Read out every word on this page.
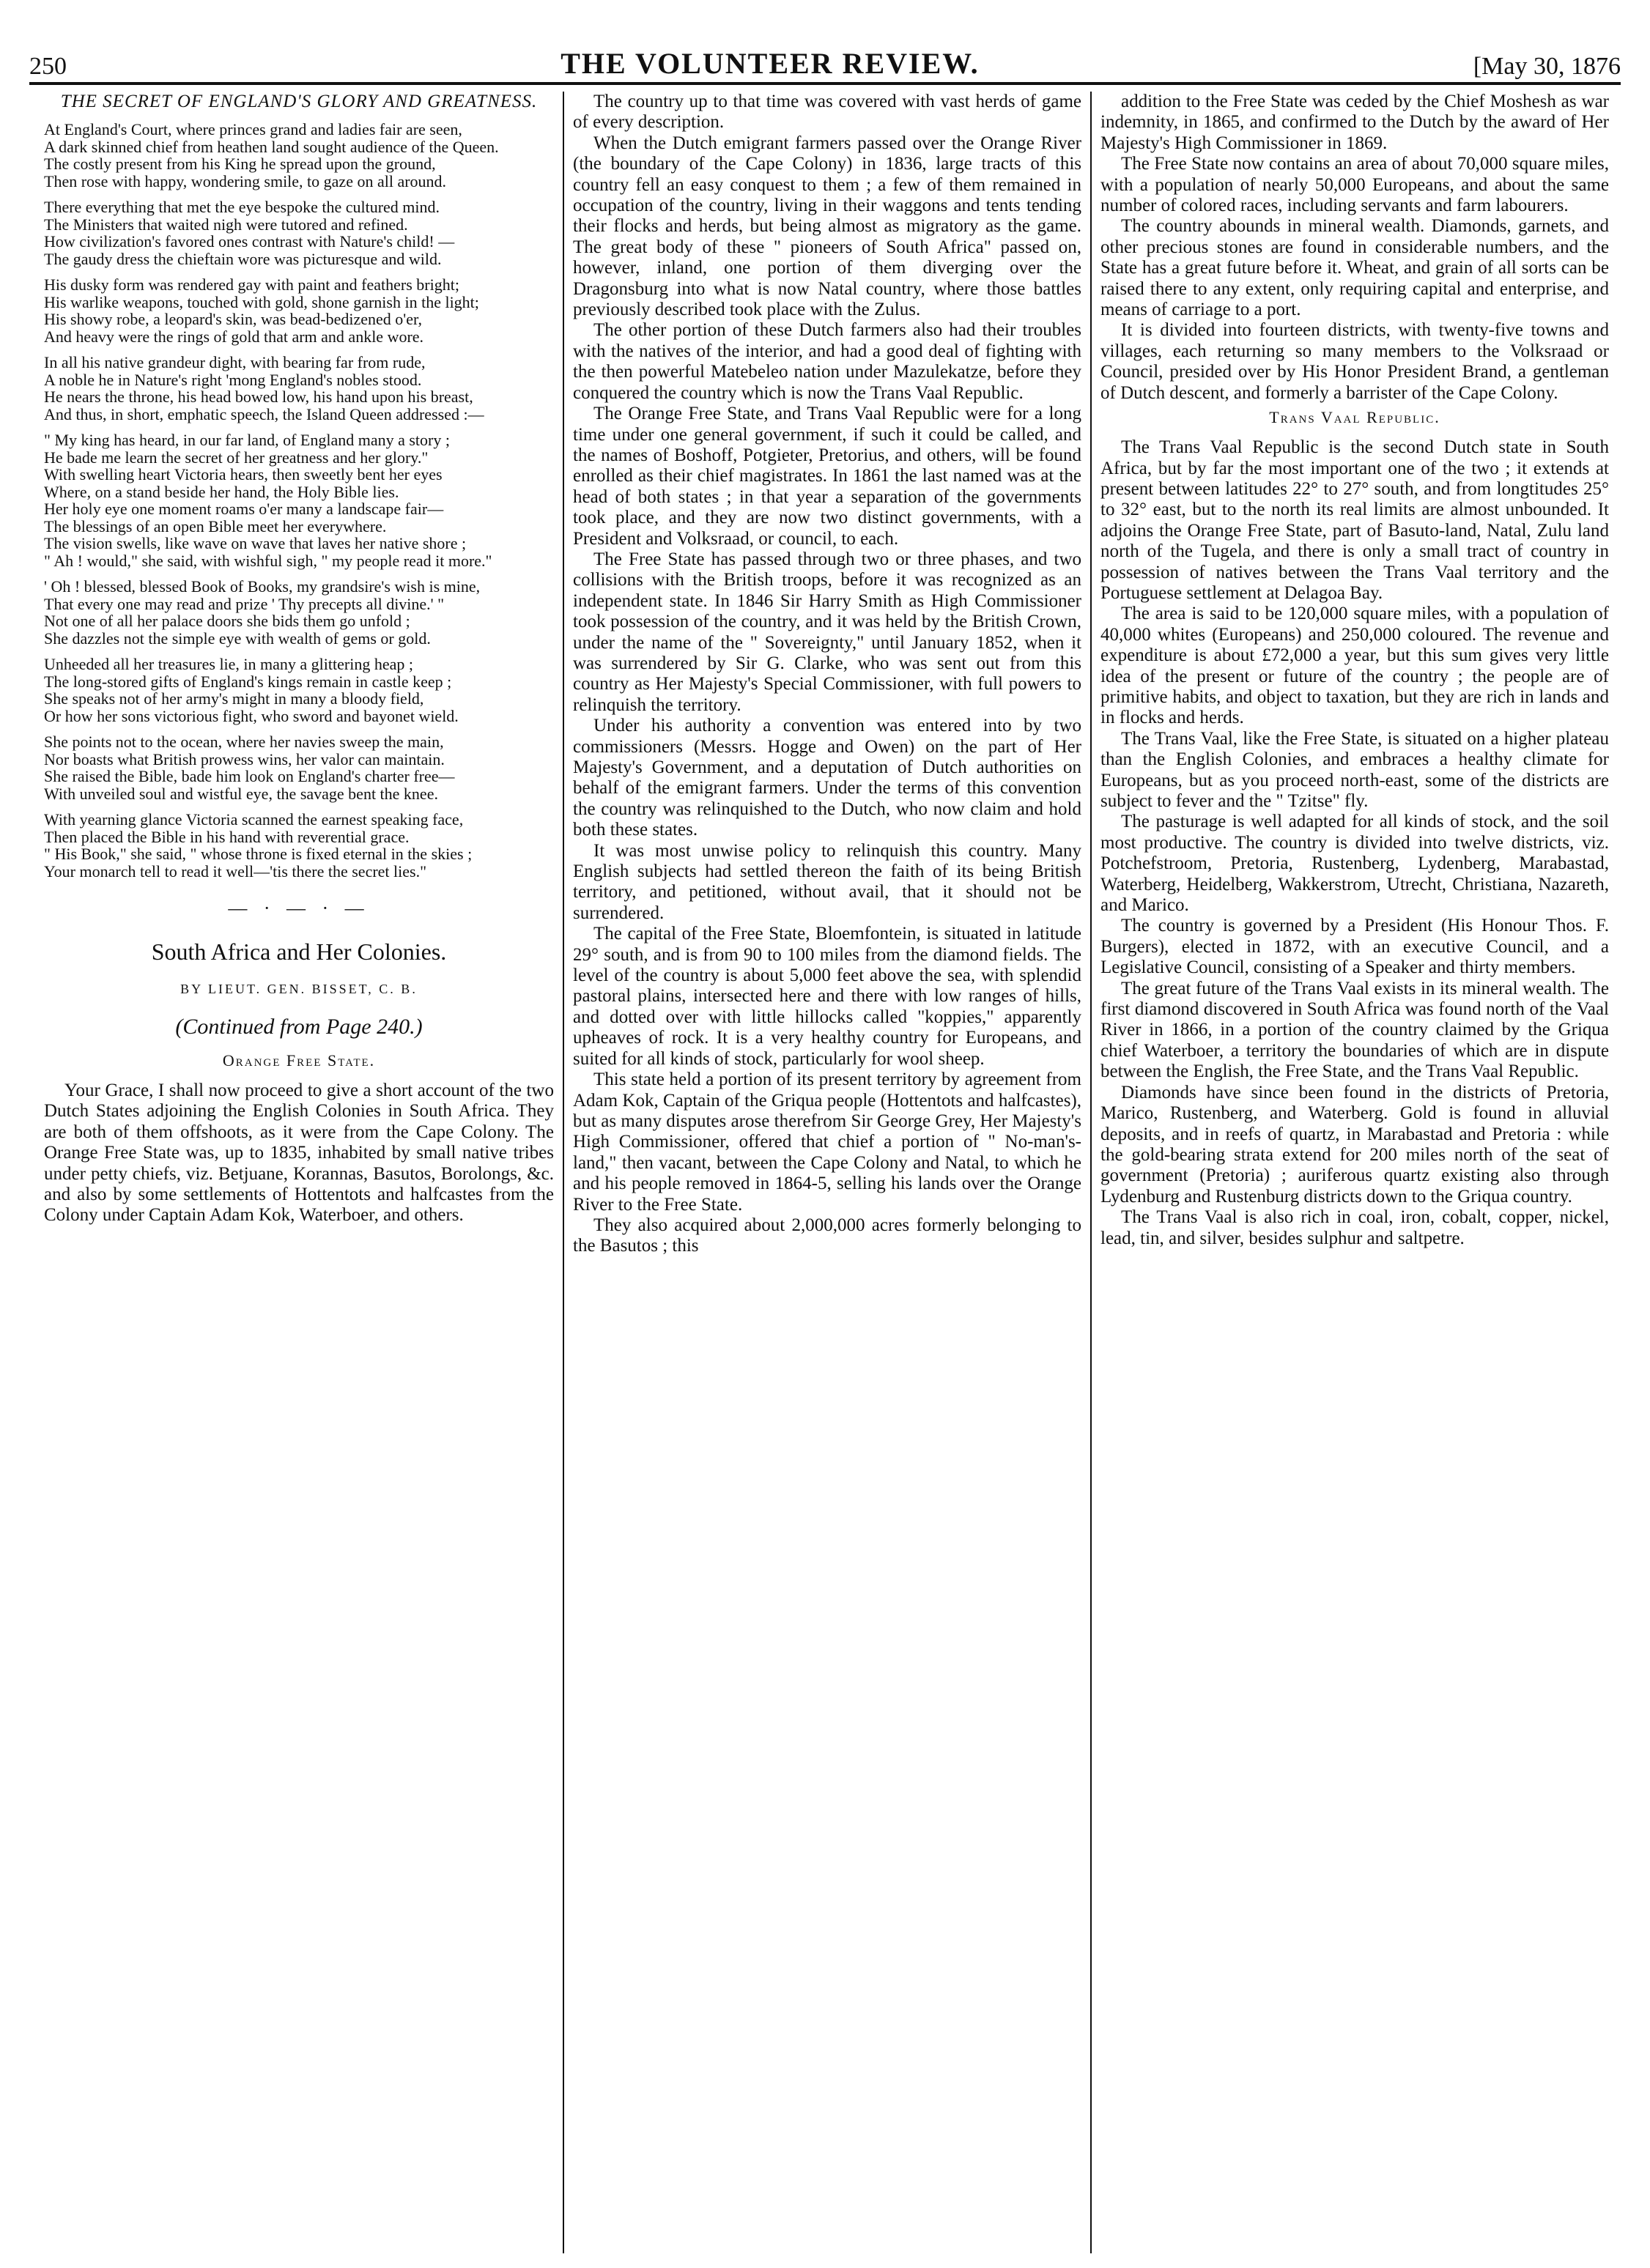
250	THE VOLUNTEER REVIEW.	[May 30, 1876
THE SECRET OF ENGLAND'S GLORY AND GREATNESS.
At England's Court, where princes grand and ladies fair are seen,
A dark skinned chief from heathen land sought audience of the Queen.
The costly present from his King he spread upon the ground,
Then rose with happy, wondering smile, to gaze on all around.
There everything that met the eye bespoke the cultured mind.
The Ministers that waited nigh were tutored and refined.
How civilization's favored ones contrast with Nature's child! —
The gaudy dress the chieftain wore was picturesque and wild.
His dusky form was rendered gay with paint and feathers bright;
His warlike weapons, touched with gold, shone garnish in the light;
His showy robe, a leopard's skin, was bead-bedizened o'er,
And heavy were the rings of gold that arm and ankle wore.
In all his native grandeur dight, with bearing far from rude,
A noble he in Nature's right 'mong England's nobles stood.
He nears the throne, his head bowed low, his hand upon his breast,
And thus, in short, emphatic speech, the Island Queen addressed :—
" My king has heard, in our far land, of England many a story ;
He bade me learn the secret of her greatness and her glory."
With swelling heart Victoria hears, then sweetly bent her eyes
Where, on a stand beside her hand, the Holy Bible lies.
Her holy eye one moment roams o'er many a landscape fair—
The blessings of an open Bible meet her everywhere.
The vision swells, like wave on wave that laves her native shore ;
" Ah ! would," she said, with wishful sigh, " my people read it more."
' Oh ! blessed, blessed Book of Books, my grandsire's wish is mine,
That every one may read and prize ' Thy precepts all divine.' "
Not one of all her palace doors she bids them go unfold ;
She dazzles not the simple eye with wealth of gems or gold.
Unheeded all her treasures lie, in many a glittering heap ;
The long-stored gifts of England's kings remain in castle keep ;
She speaks not of her army's might in many a bloody field,
Or how her sons victorious fight, who sword and bayonet wield.
She points not to the ocean, where her navies sweep the main,
Nor boasts what British prowess wins, her valor can maintain.
She raised the Bible, bade him look on England's charter free—
With unveiled soul and wistful eye, the savage bent the knee.
With yearning glance Victoria scanned the earnest speaking face,
Then placed the Bible in his hand with reverential grace.
" His Book," she said, " whose throne is fixed eternal in the skies ;
Your monarch tell to read it well—'tis there the secret lies."
— · — · —
South Africa and Her Colonies.
BY LIEUT. GEN. BISSET, C. B.
(Continued from Page 240.)
Orange Free State.

Your Grace, I shall now proceed to give a short account of the two Dutch States adjoining the English Colonies in South Africa. They are both of them offshoots, as it were from the Cape Colony. The Orange Free State was, up to 1835, inhabited by small native tribes under petty chiefs, viz. Betjuane, Korannas, Basutos, Borolongs, &c. and also by some settlements of Hottentots and halfcastes from the Colony under Captain Adam Kok, Waterboer, and others.

The country up to that time was covered with vast herds of game of every description.

When the Dutch emigrant farmers passed over the Orange River (the boundary of the Cape Colony) in 1836, large tracts of this country fell an easy conquest to them ; a few of them remained in occupation of the country, living in their waggons and tents tending their flocks and herds, but being almost as migratory as the game. The great body of these " pioneers of South Africa" passed on, however, inland, one portion of them diverging over the Dragonsburg into what is now Natal country, where those battles previously described took place with the Zulus.

The other portion of these Dutch farmers also had their troubles with the natives of the interior, and had a good deal of fighting with the then powerful Matebeleo nation under Mazulekatze, before they conquered the country which is now the Trans Vaal Republic.

The Orange Free State, and Trans Vaal Republic were for a long time under one general government, if such it could be called, and the names of Boshoff, Potgieter, Pretorius, and others, will be found enrolled as their chief magistrates. In 1861 the last named was at the head of both states ; in that year a separation of the governments took place, and they are now two distinct governments, with a President and Volksraad, or council, to each.

The Free State has passed through two or three phases, and two collisions with the British troops, before it was recognized as an independent state. In 1846 Sir Harry Smith as High Commissioner took possession of the country, and it was held by the British Crown, under the name of the " Sovereignty," until January 1852, when it was surrendered by Sir G. Clarke, who was sent out from this country as Her Majesty's Special Commissioner, with full powers to relinquish the territory.

Under his authority a convention was entered into by two commissioners (Messrs. Hogge and Owen) on the part of Her Majesty's Government, and a deputation of Dutch authorities on behalf of the emigrant farmers. Under the terms of this convention the country was relinquished to the Dutch, who now claim and hold both these states.

It was most unwise policy to relinquish this country. Many English subjects had settled thereon the faith of its being British territory, and petitioned, without avail, that it should not be surrendered.

The capital of the Free State, Bloemfontein, is situated in latitude 29° south, and is from 90 to 100 miles from the diamond fields. The level of the country is about 5,000 feet above the sea, with splendid pastoral plains, intersected here and there with low ranges of hills, and dotted over with little hillocks called "koppies," apparently upheaves of rock. It is a very healthy country for Europeans, and suited for all kinds of stock, particularly for wool sheep.

This state held a portion of its present territory by agreement from Adam Kok, Captain of the Griqua people (Hottentots and halfcastes), but as many disputes arose therefrom Sir George Grey, Her Majesty's High Commissioner, offered that chief a portion of " No-man's-land," then vacant, between the Cape Colony and Natal, to which he and his people removed in 1864-5, selling his lands over the Orange River to the Free State.

They also acquired about 2,000,000 acres formerly belonging to the Basutos ; this

addition to the Free State was ceded by the Chief Moshesh as war indemnity, in 1865, and confirmed to the Dutch by the award of Her Majesty's High Commissioner in 1869.

The Free State now contains an area of about 70,000 square miles, with a population of nearly 50,000 Europeans, and about the same number of colored races, including servants and farm labourers.

The country abounds in mineral wealth. Diamonds, garnets, and other precious stones are found in considerable numbers, and the State has a great future before it. Wheat, and grain of all sorts can be raised there to any extent, only requiring capital and enterprise, and means of carriage to a port.

It is divided into fourteen districts, with twenty-five towns and villages, each returning so many members to the Volksraad or Council, presided over by His Honor President Brand, a gentleman of Dutch descent, and formerly a barrister of the Cape Colony.

Trans Vaal Republic.

The Trans Vaal Republic is the second Dutch state in South Africa, but by far the most important one of the two ; it extends at present between latitudes 22° to 27° south, and from longtitudes 25° to 32° east, but to the north its real limits are almost unbounded. It adjoins the Orange Free State, part of Basuto-land, Natal, Zulu land north of the Tugela, and there is only a small tract of country in possession of natives between the Trans Vaal territory and the Portuguese settlement at Delagoa Bay.

The area is said to be 120,000 square miles, with a population of 40,000 whites (Europeans) and 250,000 coloured. The revenue and expenditure is about £72,000 a year, but this sum gives very little idea of the present or future of the country ; the people are of primitive habits, and object to taxation, but they are rich in lands and in flocks and herds.

The Trans Vaal, like the Free State, is situated on a higher plateau than the English Colonies, and embraces a healthy climate for Europeans, but as you proceed north-east, some of the districts are subject to fever and the " Tzitse" fly.

The pasturage is well adapted for all kinds of stock, and the soil most productive. The country is divided into twelve districts, viz. Potchefstroom, Pretoria, Rustenberg, Lydenberg, Marabastad, Waterberg, Heidelberg, Wakkerstrom, Utrecht, Christiana, Nazareth, and Marico.

The country is governed by a President (His Honour Thos. F. Burgers), elected in 1872, with an executive Council, and a Legislative Council, consisting of a Speaker and thirty members.

The great future of the Trans Vaal exists in its mineral wealth. The first diamond discovered in South Africa was found north of the Vaal River in 1866, in a portion of the country claimed by the Griqua chief Waterboer, a territory the boundaries of which are in dispute between the English, the Free State, and the Trans Vaal Republic.

Diamonds have since been found in the districts of Pretoria, Marico, Rustenberg, and Waterberg. Gold is found in alluvial deposits, and in reefs of quartz, in Marabastad and Pretoria : while the gold-bearing strata extend for 200 miles north of the seat of government (Pretoria) ; auriferous quartz existing also through Lydenburg and Rustenburg districts down to the Griqua country.

The Trans Vaal is also rich in coal, iron, cobalt, copper, nickel, lead, tin, and silver, besides sulphur and saltpetre.
